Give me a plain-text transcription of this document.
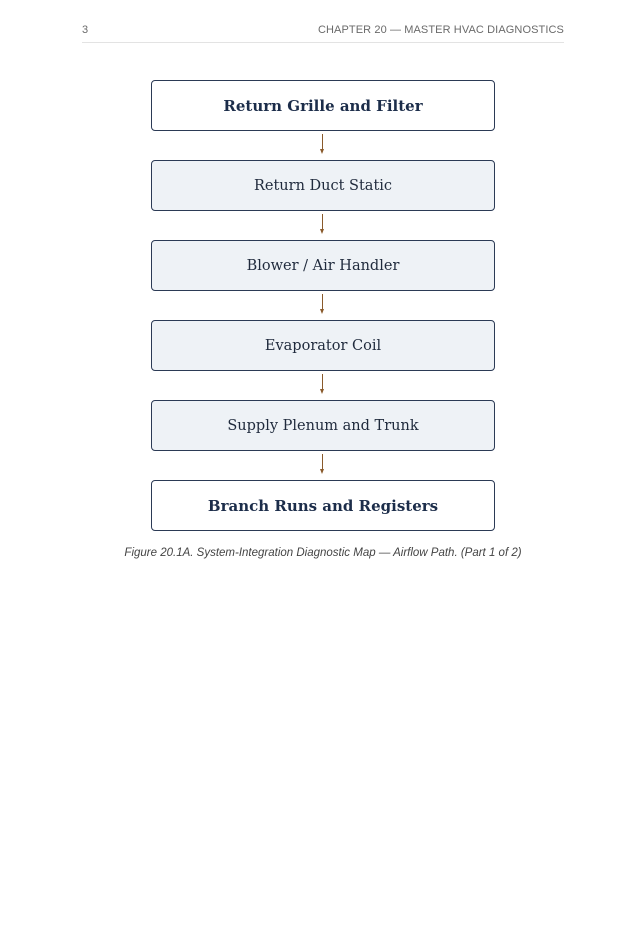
3	CHAPTER 20 — MASTER HVAC DIAGNOSTICS
Return Grille and Filter
Return Duct Static
Blower / Air Handler
Evaporator Coil
Supply Plenum and Trunk
Branch Runs and Registers
Figure 20.1A. System-Integration Diagnostic Map — Airflow Path. (Part 1 of 2)
